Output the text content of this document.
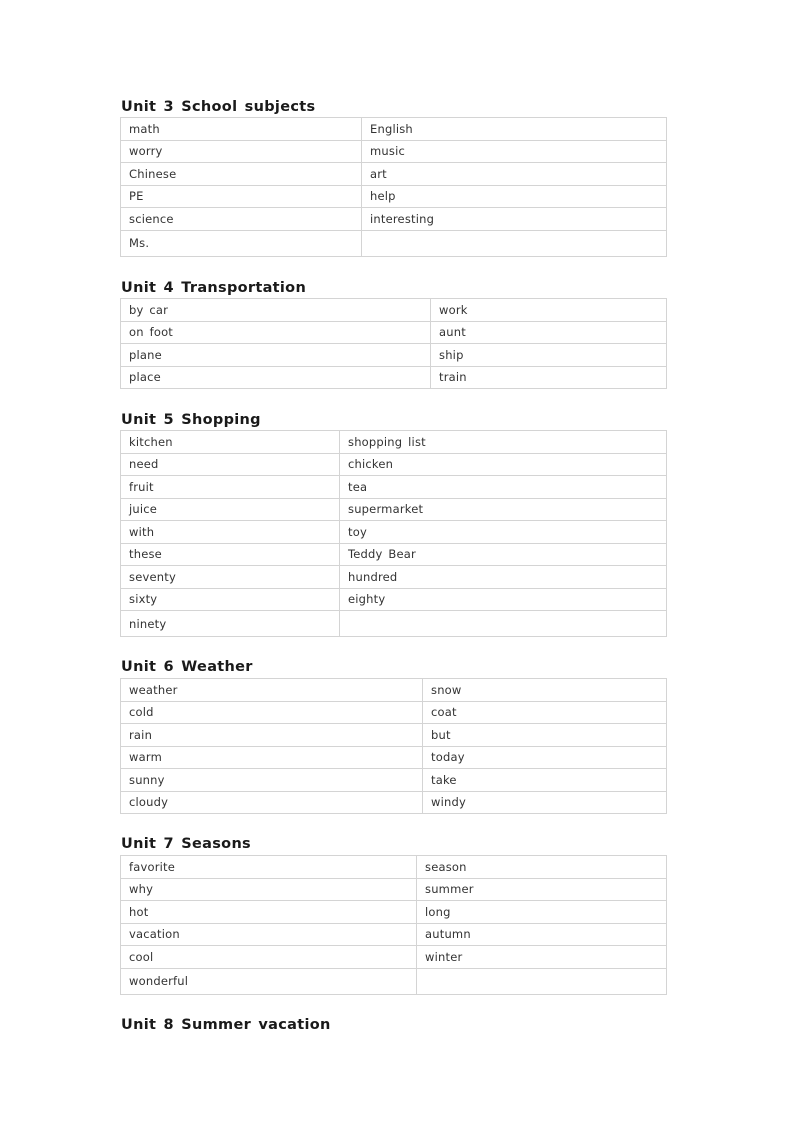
Unit 3 School subjects
math	English
worry	music
Chinese	art
PE	help
science	interesting
Ms.	
Unit 4 Transportation
by car	work
on foot	aunt
plane	ship
place	train
Unit 5 Shopping
kitchen	shopping list
need	chicken
fruit	tea
juice	supermarket
with	toy
these	Teddy Bear
seventy	hundred
sixty	eighty
ninety	
Unit 6 Weather
weather	snow
cold	coat
rain	but
warm	today
sunny	take
cloudy	windy
Unit 7 Seasons
favorite	season
why	summer
hot	long
vacation	autumn
cool	winter
wonderful	
Unit 8 Summer vacation
